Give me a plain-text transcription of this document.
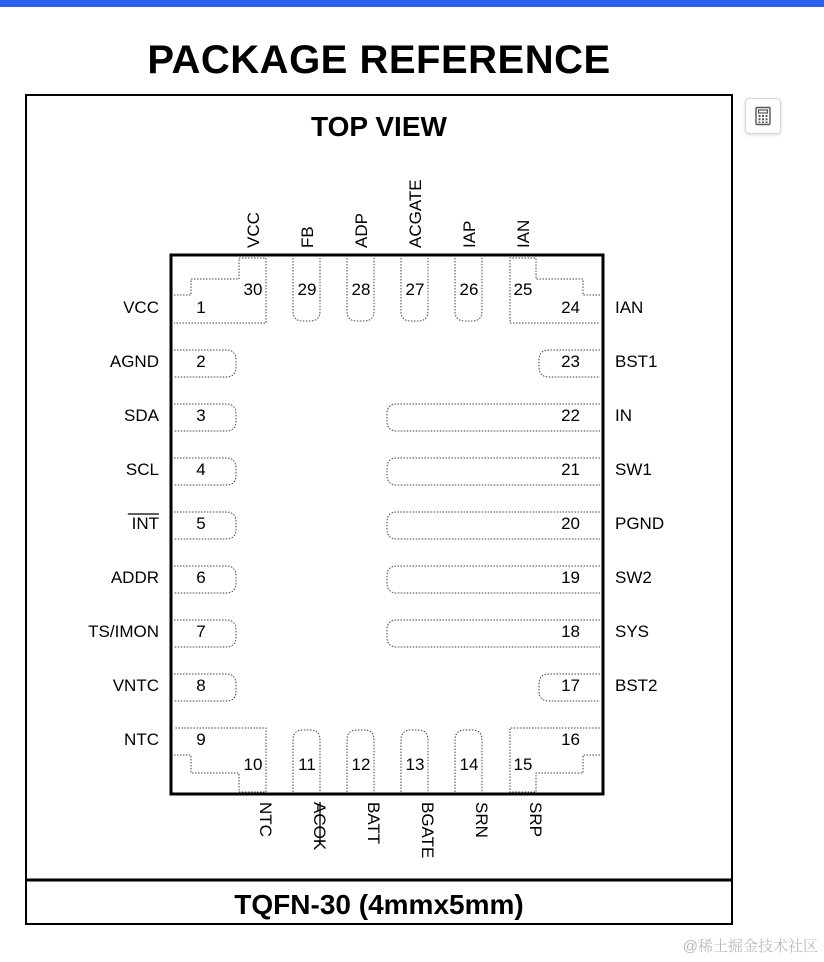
PACKAGE REFERENCE
TOP VIEW
TQFN-30 (4mmx5mm)
VCC 1
AGND 2
SDA 3
SCL 4
INT 5
ADDR 6
TS/IMON 7
VNTC 8
NTC 9
NTC
10
ACOK
11
BATT
12
BGATE
13
SRN
14
SRP
15
16
BST2
17
SYS
18
SW2
19
PGND
20
SW1
21
IN
22
BST1
23
IAN
24
IAN
25
IAP
26
ACGATE
27
ADP
28
FB
29
VCC
30
@稀土掘金技术社区
